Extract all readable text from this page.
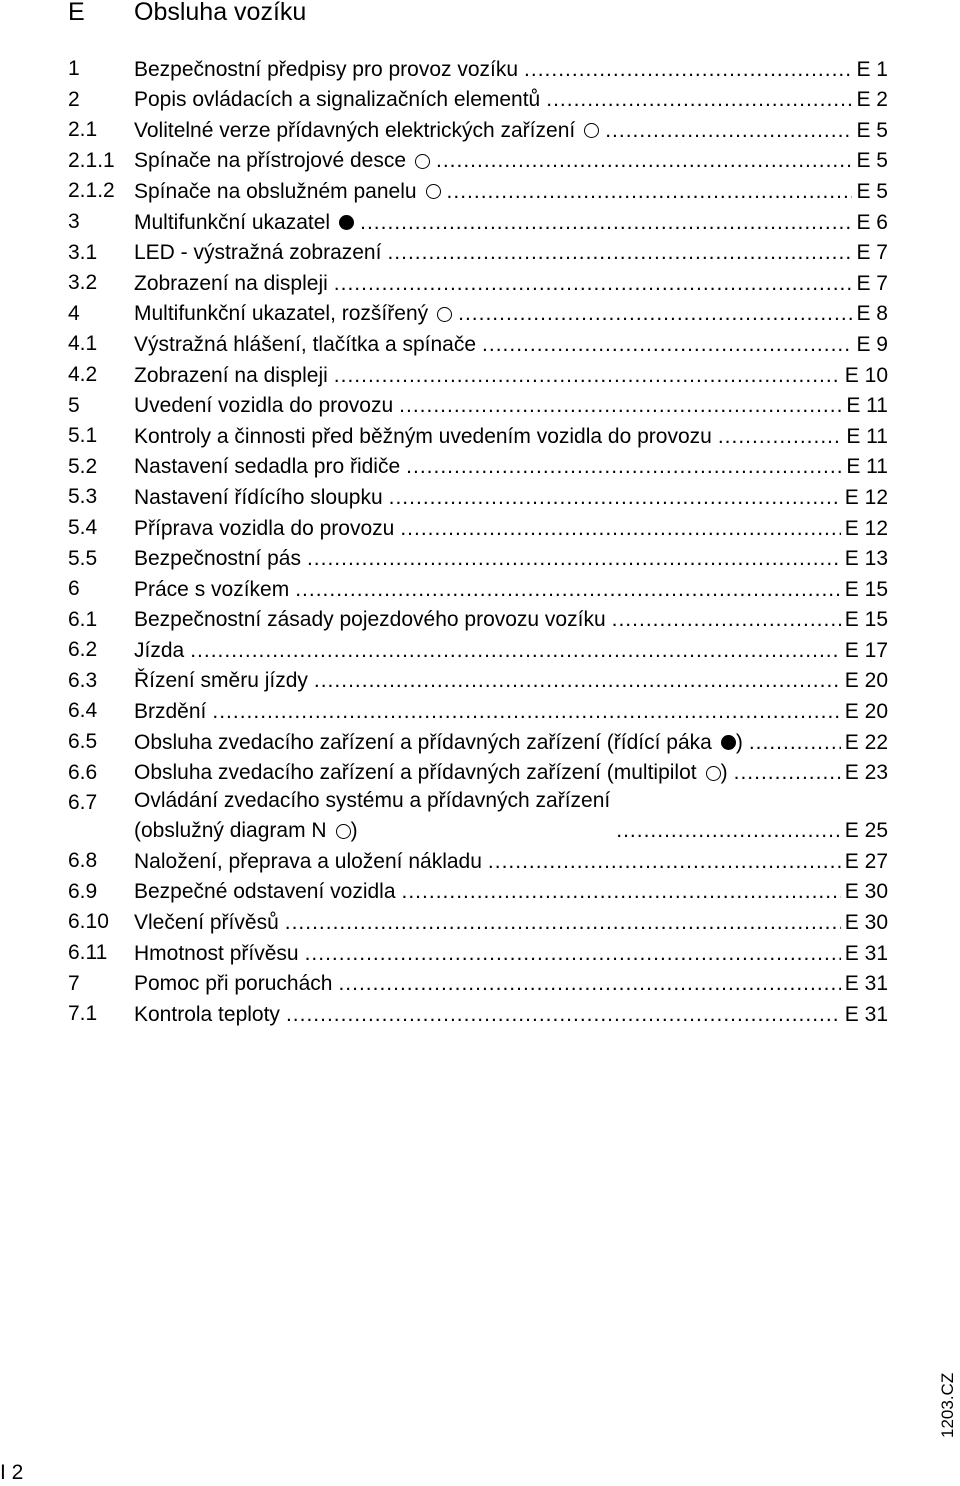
E	Obsluha vozíku
1	Bezpečnostní předpisy pro provoz vozíku .....	E 1
2	Popis ovládacích a signalizačních elementů .....	E 2
2.1	Volitelné verze přídavných elektrických zařízení .....	E 5
2.1.1 Spínače na přístrojové desce .....	E 5
2.1.2 Spínače na obslužném panelu .....	E 5
3	Multifunkční ukazatel .....	E 6
3.1	LED - výstražná zobrazení .....	E 7
3.2	Zobrazení na displeji .....	E 7
4	Multifunkční ukazatel, rozšířený .....	E 8
4.1	Výstražná hlášení, tlačítka a spínače .....	E 9
4.2	Zobrazení na displeji .....	E 10
5	Uvedení vozidla do provozu .....	E 11
5.1	Kontroly a činnosti před běžným uvedením vozidla do provozu .....	E 11
5.2	Nastavení sedadla pro řidiče .....	E 11
5.3	Nastavení řídícího sloupku .....	E 12
5.4	Příprava vozidla do provozu .....	E 12
5.5	Bezpečnostní pás .....	E 13
6	Práce s vozíkem .....	E 15
6.1	Bezpečnostní zásady pojezdového provozu vozíku .....	E 15
6.2	Jízda .....	E 17
6.3	Řízení směru jízdy .....	E 20
6.4	Brzdění .....	E 20
6.5	Obsluha zvedacího zařízení a přídavných zařízení (řídící páka ) .....	E 22
6.6	Obsluha zvedacího zařízení a přídavných zařízení (multipilot ) .....	E 23
6.7	Ovládání zvedacího systému a přídavných zařízení
(obslužný diagram N ) .....	E 25
6.8	Naložení, přeprava a uložení nákladu .....	E 27
6.9	Bezpečné odstavení vozidla .....	E 30
6.10	Vlečení přívěsů .....	E 30
6.11	Hmotnost přívěsu .....	E 31
7	Pomoc při poruchách .....	E 31
7.1	Kontrola teploty .....	E 31
1203.CZ
I 2
